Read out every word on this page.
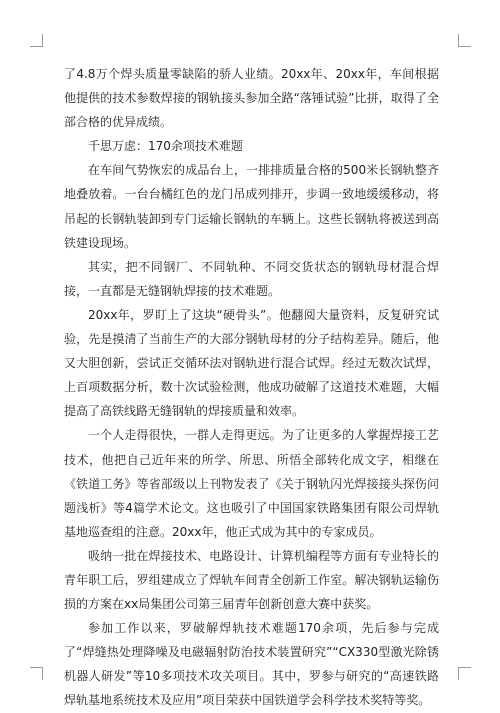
了4.8万个焊头质量零缺陷的骄人业绩。20xx年、20xx年，车间根据他提供的技术参数焊接的钢轨接头参加全路“落锤试验”比拼，取得了全部合格的优异成绩。

千思万虑：170余项技术难题

在车间气势恢宏的成品台上，一排排质量合格的500米长钢轨整齐地叠放着。一台台橘红色的龙门吊成列排开，步调一致地缓缓移动，将吊起的长钢轨装卸到专门运输长钢轨的车辆上。这些长钢轨将被送到高铁建设现场。

其实，把不同钢厂、不同轨种、不同交货状态的钢轨母材混合焊接，一直都是无缝钢轨焊接的技术难题。

20xx年，罗盯上了这块“硬骨头”。他翻阅大量资料，反复研究试验，先是摸清了当前生产的大部分钢轨母材的分子结构差异。随后，他又大胆创新，尝试正交循环法对钢轨进行混合试焊。经过无数次试焊，上百项数据分析，数十次试验检测，他成功破解了这道技术难题，大幅提高了高铁线路无缝钢轨的焊接质量和效率。

一个人走得很快，一群人走得更远。为了让更多的人掌握焊接工艺技术，他把自己近年来的所学、所思、所悟全部转化成文字，相继在《铁道工务》等省部级以上刊物发表了《关于钢轨闪光焊接接头探伤问题浅析》等4篇学术论文。这也吸引了中国国家铁路集团有限公司焊轨基地巡查组的注意。20xx年，他正式成为其中的专家成员。

吸纳一批在焊接技术、电路设计、计算机编程等方面有专业特长的青年职工后，罗组建成立了焊轨车间青全创新工作室。解决钢轨运输伤损的方案在xx局集团公司第三届青年创新创意大赛中获奖。

参加工作以来，罗破解焊轨技术难题170余项，先后参与完成了“焊缝热处理降噪及电磁辐射防治技术装置研究”“CX330型激光除锈机器人研发”等10多项技术攻关项目。其中，罗参与研究的“高速铁路焊轨基地系统技术及应用”项目荣获中国铁道学会科学技术奖特等奖。
